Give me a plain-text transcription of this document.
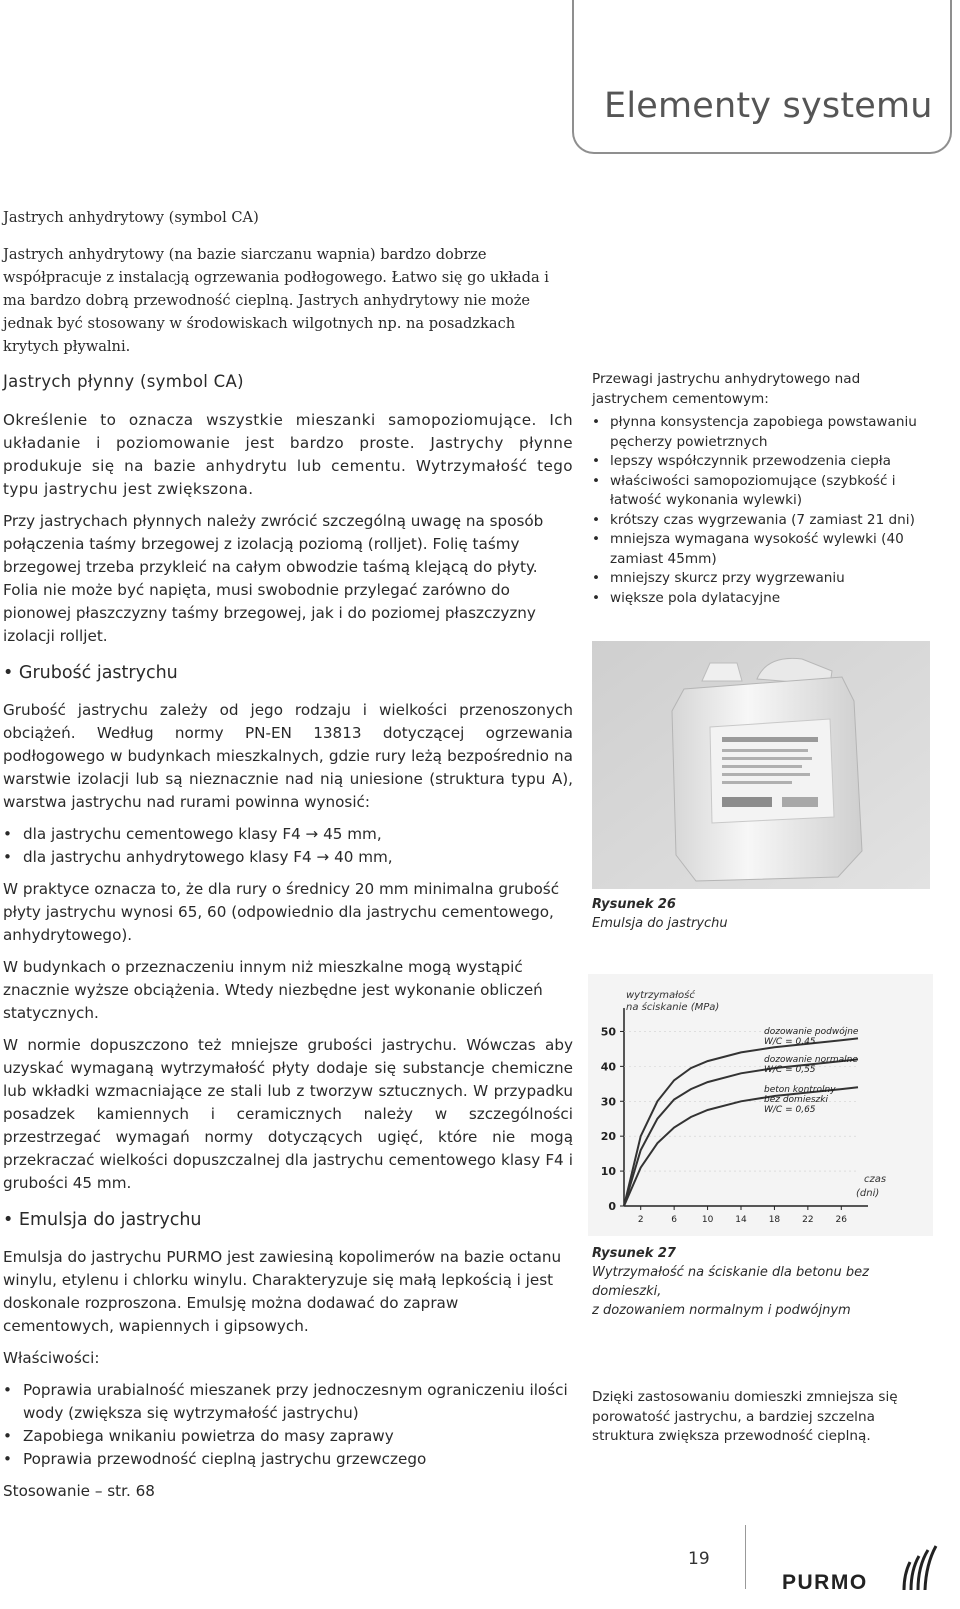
Elementy systemu
Jastrych anhydrytowy (symbol CA)

Jastrych anhydrytowy (na bazie siarczanu wapnia) bardzo dobrze współpracuje z instalacją ogrzewania podłogowego. Łatwo się go układa i ma bardzo dobrą przewodność cieplną. Jastrych anhydrytowy nie może jednak być stosowany w środowiskach wilgotnych np. na posadzkach krytych pływalni.

Jastrych płynny (symbol CA)

Określenie to oznacza wszystkie mieszanki samopoziomujące. Ich układanie i poziomowanie jest bardzo proste. Jastrychy płynne produkuje się na bazie anhydrytu lub cementu. Wytrzymałość tego typu jastrychu jest zwiększona.

Przy jastrychach płynnych należy zwrócić szczególną uwagę na sposób połączenia taśmy brzegowej z izolacją poziomą (rolljet). Folię taśmy brzegowej trzeba przykleić na całym obwodzie taśmą klejącą do płyty. Folia nie może być napięta, musi swobodnie przylegać zarówno do pionowej płaszczyzny taśmy brzegowej, jak i do poziomej płaszczyzny izolacji rolljet.

• Grubość jastrychu

Grubość jastrychu zależy od jego rodzaju i wielkości przenoszonych obciążeń. Według normy PN-EN 13813 dotyczącej ogrzewania podłogowego w budynkach mieszkalnych, gdzie rury leżą bezpośrednio na warstwie izolacji lub są nieznacznie nad nią uniesione (struktura typu A), warstwa jastrychu nad rurami powinna wynosić:

• dla jastrychu cementowego klasy F4 → 45 mm,
• dla jastrychu anhydrytowego klasy F4 → 40 mm,

W praktyce oznacza to, że dla rury o średnicy 20 mm minimalna grubość płyty jastrychu wynosi 65, 60 (odpowiednio dla jastrychu cementowego, anhydrytowego).

W budynkach o przeznaczeniu innym niż mieszkalne mogą wystąpić znacznie wyższe obciążenia. Wtedy niezbędne jest wykonanie obliczeń statycznych.

W normie dopuszczono też mniejsze grubości jastrychu. Wówczas aby uzyskać wymaganą wytrzymałość płyty dodaje się substancje chemiczne lub wkładki wzmacniające ze stali lub z tworzyw sztucznych. W przypadku posadzek kamiennych i ceramicznych należy w szczególności przestrzegać wymagań normy dotyczących ugięć, które nie mogą przekraczać wielkości dopuszczalnej dla jastrychu cementowego klasy F4 i grubości 45 mm.

• Emulsja do jastrychu

Emulsja do jastrychu PURMO jest zawiesiną kopolimerów na bazie octanu winylu, etylenu i chlorku winylu. Charakteryzuje się małą lepkością i jest doskonale rozproszona. Emulsję można dodawać do zapraw cementowych, wapiennych i gipsowych.

Właściwości:

• Poprawia urabialność mieszanek przy jednoczesnym ograniczeniu ilości wody (zwiększa się wytrzymałość jastrychu)
• Zapobiega wnikaniu powietrza do masy zaprawy
• Poprawia przewodność cieplną jastrychu grzewczego

Stosowanie – str. 68

Przewagi jastrychu anhydrytowego nad jastrychem cementowym:
• płynna konsystencja zapobiega powstawaniu pęcherzy powietrznych
• lepszy współczynnik przewodzenia ciepła
• właściwości samopoziomujące (szybkość i łatwość wykonania wylewki)
• krótszy czas wygrzewania (7 zamiast 21 dni)
• mniejsza wymagana wysokość wylewki (40 zamiast 45mm)
• mniejszy skurcz przy wygrzewaniu
• większe pola dylatacyjne
Rysunek 26
Emulsja do jastrychu
wytrzymałość
na ściskanie (MPa)
czas
(dni)
0
10
20
30
40
50
2	6	10 14 18 22 26
dozowanie podwójne
W/C = 0,45
dozowanie normalne
W/C = 0,55
beton kontrolny
bez domieszki
W/C = 0,65
Rysunek 27
Wytrzymałość na ściskanie dla betonu bez domieszki,
z dozowaniem normalnym i podwójnym
Dzięki zastosowaniu domieszki zmniejsza się porowatość jastrychu, a bardziej szczelna struktura zwiększa przewodność cieplną.
19
PURMO
